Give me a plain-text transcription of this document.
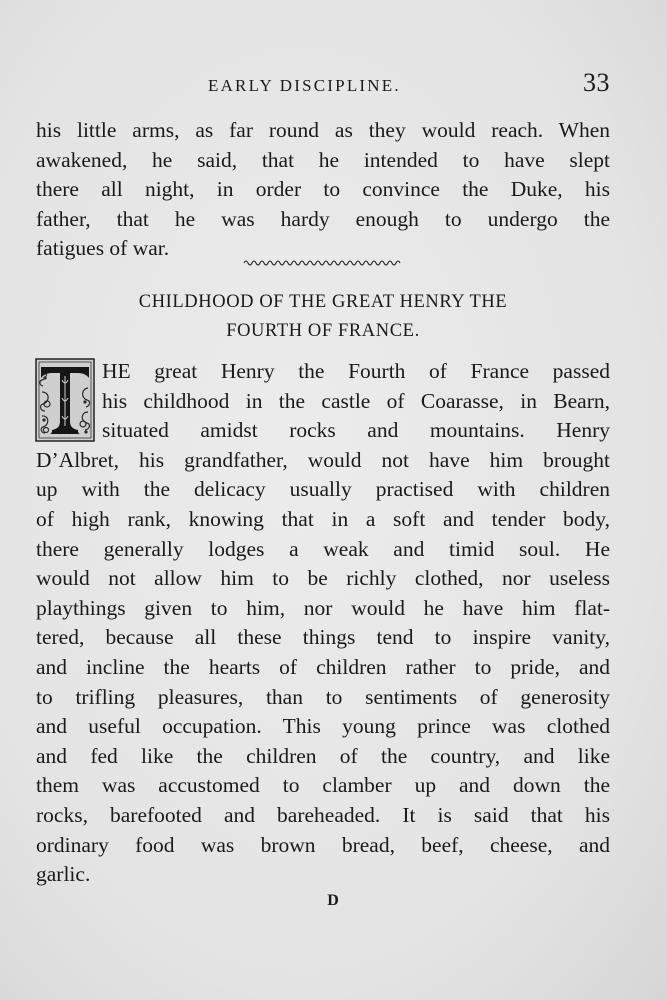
EARLY DISCIPLINE.	33
his little arms, as far round as they would reach. When
awakened, he said, that he intended to have slept
there all night, in order to convince the Duke, his
father, that he was hardy enough to undergo the
fatigues of war.
CHILDHOOD OF THE GREAT HENRY THE
FOURTH OF FRANCE.
HE great Henry the Fourth of France passed
his childhood in the castle of Coarasse, in Bearn,
situated amidst rocks and mountains. Henry
D’Albret, his grandfather, would not have him brought
up with the delicacy usually practised with children
of high rank, knowing that in a soft and tender body,
there generally lodges a weak and timid soul. He
would not allow him to be richly clothed, nor useless
playthings given to him, nor would he have him flat-
tered, because all these things tend to inspire vanity,
and incline the hearts of children rather to pride, and
to trifling pleasures, than to sentiments of generosity
and useful occupation. This young prince was clothed
and fed like the children of the country, and like
them was accustomed to clamber up and down the
rocks, barefooted and bareheaded. It is said that his
ordinary food was brown bread, beef, cheese, and
garlic.
D
